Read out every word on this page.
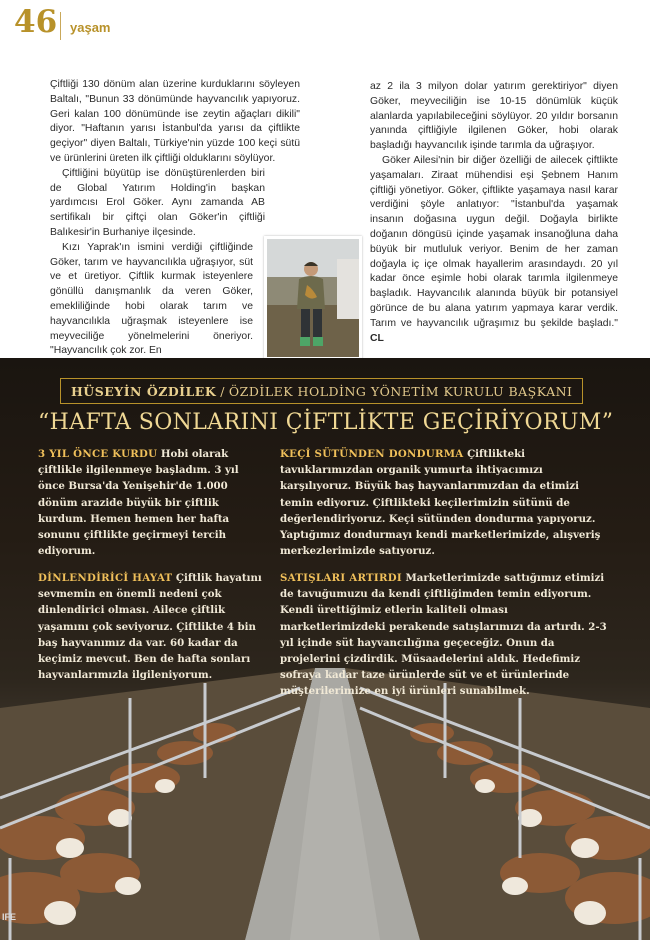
46 yaşam

Çiftliği 130 dönüm alan üzerine kurduklarını söyleyen Baltalı, "Bunun 33 dönümünde hayvancılık yapıyoruz. Geri kalan 100 dönümünde ise zeytin ağaçları dikili" diyor. "Haftanın yarısı İstanbul'da yarısı da çiftlikte geçiyor" diyen Baltalı, Türkiye'nin yüzde 100 keçi sütü ve ürünlerini üreten ilk çiftliği olduklarını söylüyor.

Çiftliğini büyütüp ise dönüştürenlerden biri de Global Yatırım Holding'in başkan yardımcısı Erol Göker. Aynı zamanda AB sertifikalı bir çiftçi olan Göker'in çiftliği Balıkesir'in Burhaniye ilçesinde.

Kızı Yaprak'ın ismini verdiği çiftliğinde Göker, tarım ve hayvancılıkla uğraşıyor, süt ve et üretiyor. Çiftlik kurmak isteyenlere gönüllü danışmanlık da veren Göker, emekliliğinde hobi olarak tarım ve hayvancılıkla uğraşmak isteyenlere ise meyveciliğe yönelmelerini öneriyor. "Hayvancılık çok zor. En

az 2 ila 3 milyon dolar yatırım gerektiriyor" diyen Göker, meyveciliğin ise 10-15 dönümlük küçük alanlarda yapılabileceğini söylüyor. 20 yıldır borsanın yanında çiftliğiyle ilgilenen Göker, hobi olarak başladığı hayvancılık işinde tarımla da uğraşıyor.

Göker Ailesi'nin bir diğer özelliği de ailecek çiftlikte yaşamaları. Ziraat mühendisi eşi Şebnem Hanım çiftliği yönetiyor. Göker, çiftlikte yaşamaya nasıl karar verdiğini şöyle anlatıyor: "İstanbul'da yaşamak insanın doğasına uygun değil. Doğayla birlikte doğanın döngüsü içinde yaşamak insanoğluna daha büyük bir mutluluk veriyor. Benim de her zaman doğayla iç içe olmak hayallerim arasındaydı. 20 yıl kadar önce eşimle hobi olarak tarımla ilgilenmeye başladık. Hayvancılık alanında büyük bir potansiyel görünce de bu alana yatırım yapmaya karar verdik. Tarım ve hayvancılık uğraşımız bu şekilde başladı." CL

HÜSEYİN ÖZDİLEK / ÖZDİLEK HOLDİNG YÖNETİM KURULU BAŞKANI
“HAFTA SONLARINI ÇİFTLİKTE GEÇİRİYORUM”
3 YIL ÖNCE KURDU Hobi olarak çiftlikle ilgilenmeye başladım. 3 yıl önce Bursa'da Yenişehir'de 1.000 dönüm arazide büyük bir çiftlik kurdum. Hemen hemen her hafta sonunu çiftlikte geçirmeyi tercih ediyorum.
KEÇİ SÜTÜNDEN DONDURMA Çiftlikteki tavuklarımızdan organik yumurta ihtiyacımızı karşılıyoruz. Büyük baş hayvanlarımızdan da etimizi temin ediyoruz. Çiftlikteki keçilerimizin sütünü de değerlendiriyoruz. Keçi sütünden dondurma yapıyoruz. Yaptığımız dondurmayı kendi marketlerimizde, alışveriş merkezlerimizde satıyoruz.
DİNLENDİRİCİ HAYAT Çiftlik hayatını sevmemin en önemli nedeni çok dinlendirici olması. Ailece çiftlik yaşamını çok seviyoruz. Çiftlikte 4 bin baş hayvanımız da var. 60 kadar da keçimiz mevcut. Ben de hafta sonları hayvanlarımızla ilgileniyorum.
SATIŞLARI ARTIRDI Marketlerimizde sattığımız etimizi de tavuğumuzu da kendi çiftliğimden temin ediyorum. Kendi ürettiğimiz etlerin kaliteli olması marketlerimizdeki perakende satışlarımızı da artırdı. 2-3 yıl içinde süt hayvancılığına geçeceğiz. Onun da projelerini çizdirdik. Müsaadelerini aldık. Hedefimiz sofraya kadar taze ürünlerde süt ve et ürünlerinde müşterilerimize en iyi ürünleri sunabilmek.
IFE
